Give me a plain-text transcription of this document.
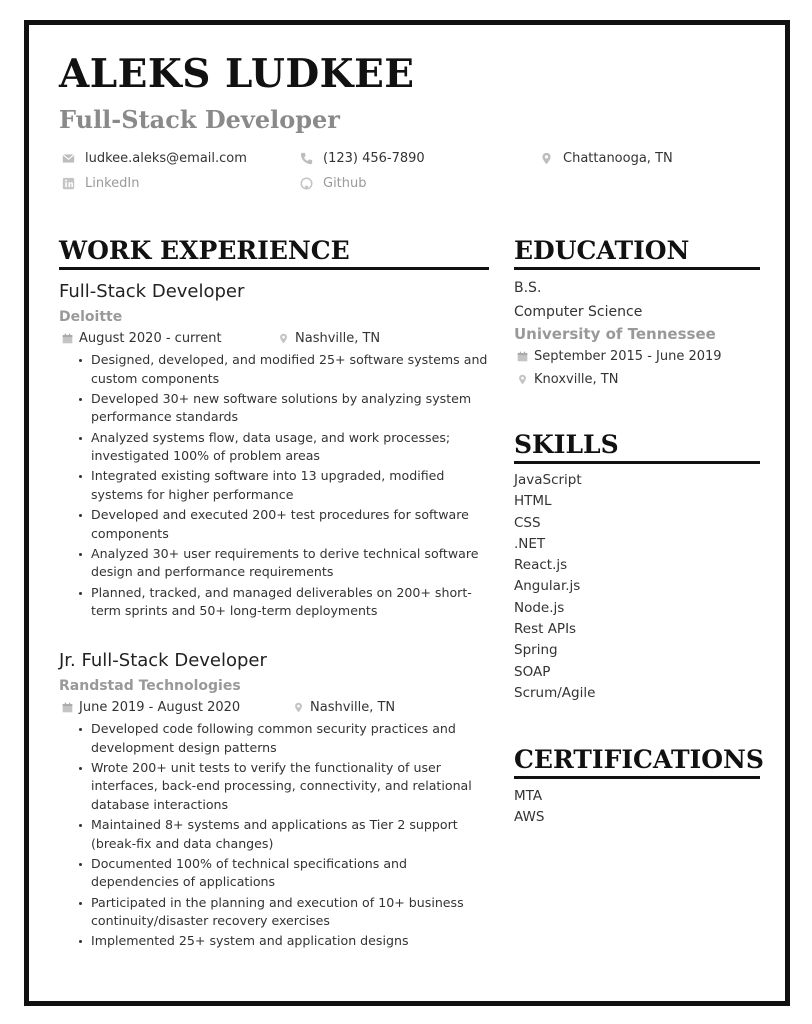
ALEKS LUDKEE
Full-Stack Developer
ludkee.aleks@email.com	(123) 456-7890	Chattanooga, TN
LinkedIn	Github
WORK EXPERIENCE

Full-Stack Developer

Deloitte

August 2020 - current	Nashville, TN
Designed, developed, and modified 25+ software systems and custom components
Developed 30+ new software solutions by analyzing system performance standards
Analyzed systems flow, data usage, and work processes; investigated 100% of problem areas
Integrated existing software into 13 upgraded, modified systems for higher performance
Developed and executed 200+ test procedures for software components
Analyzed 30+ user requirements to derive technical software design and performance requirements
Planned, tracked, and managed deliverables on 200+ short-term sprints and 50+ long-term deployments

Jr. Full-Stack Developer

Randstad Technologies

June 2019 - August 2020	Nashville, TN
Developed code following common security practices and development design patterns
Wrote 200+ unit tests to verify the functionality of user interfaces, back-end processing, connectivity, and relational database interactions
Maintained 8+ systems and applications as Tier 2 support (break-fix and data changes)
Documented 100% of technical specifications and dependencies of applications
Participated in the planning and execution of 10+ business continuity/disaster recovery exercises
Implemented 25+ system and application designs
EDUCATION

B.S.

Computer Science

University of Tennessee

September 2015 - June 2019
Knoxville, TN
SKILLS
JavaScript
HTML
CSS
.NET
React.js
Angular.js
Node.js
Rest APIs
Spring
SOAP
Scrum/Agile
CERTIFICATIONS
MTA
AWS
